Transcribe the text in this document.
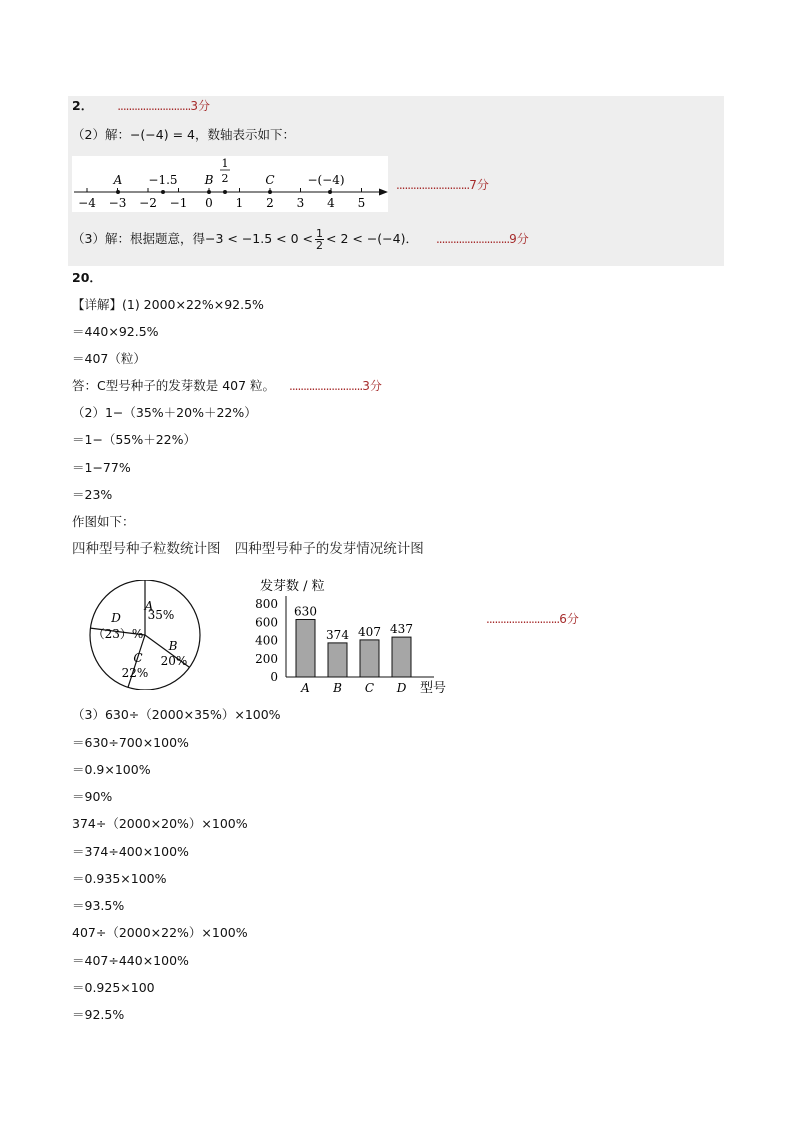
2． ..........................3分
（2）解：−(−4) = 4，数轴表示如下：
−4 −3 −2 −1 0 1 2 3 4 5
A −1.5 B
1
2	C	−(−4)	..........................7分
（3）解：根据题意，得$-3 < -1.5 < 0 < \frac{1}{2} < 2 < -(-4)$． ..........................9分
20．
【详解】(1) 2000×22%×92.5%
＝440×92.5%
＝407（粒）
答：C型号种子的发芽数是 407 粒。 ..........................3分
（2）1−（35%＋20%＋22%）
＝1−（55%＋22%）
＝1−77%
＝23%
作图如下：
四种型号种子粒数统计图 四种型号种子的发芽情况统计图
A
35%
B
20%
C
22%
D
（23）%
发芽数 / 粒
0
200
400
600
800
630
374 407 437
A B C D 型号
..........................6分
（3）630÷（2000×35%）×100%
＝630÷700×100%
＝0.9×100%
＝90%
374÷（2000×20%）×100%
＝374÷400×100%
＝0.935×100%
＝93.5%
407÷（2000×22%）×100%
＝407÷440×100%
＝0.925×100
＝92.5%
